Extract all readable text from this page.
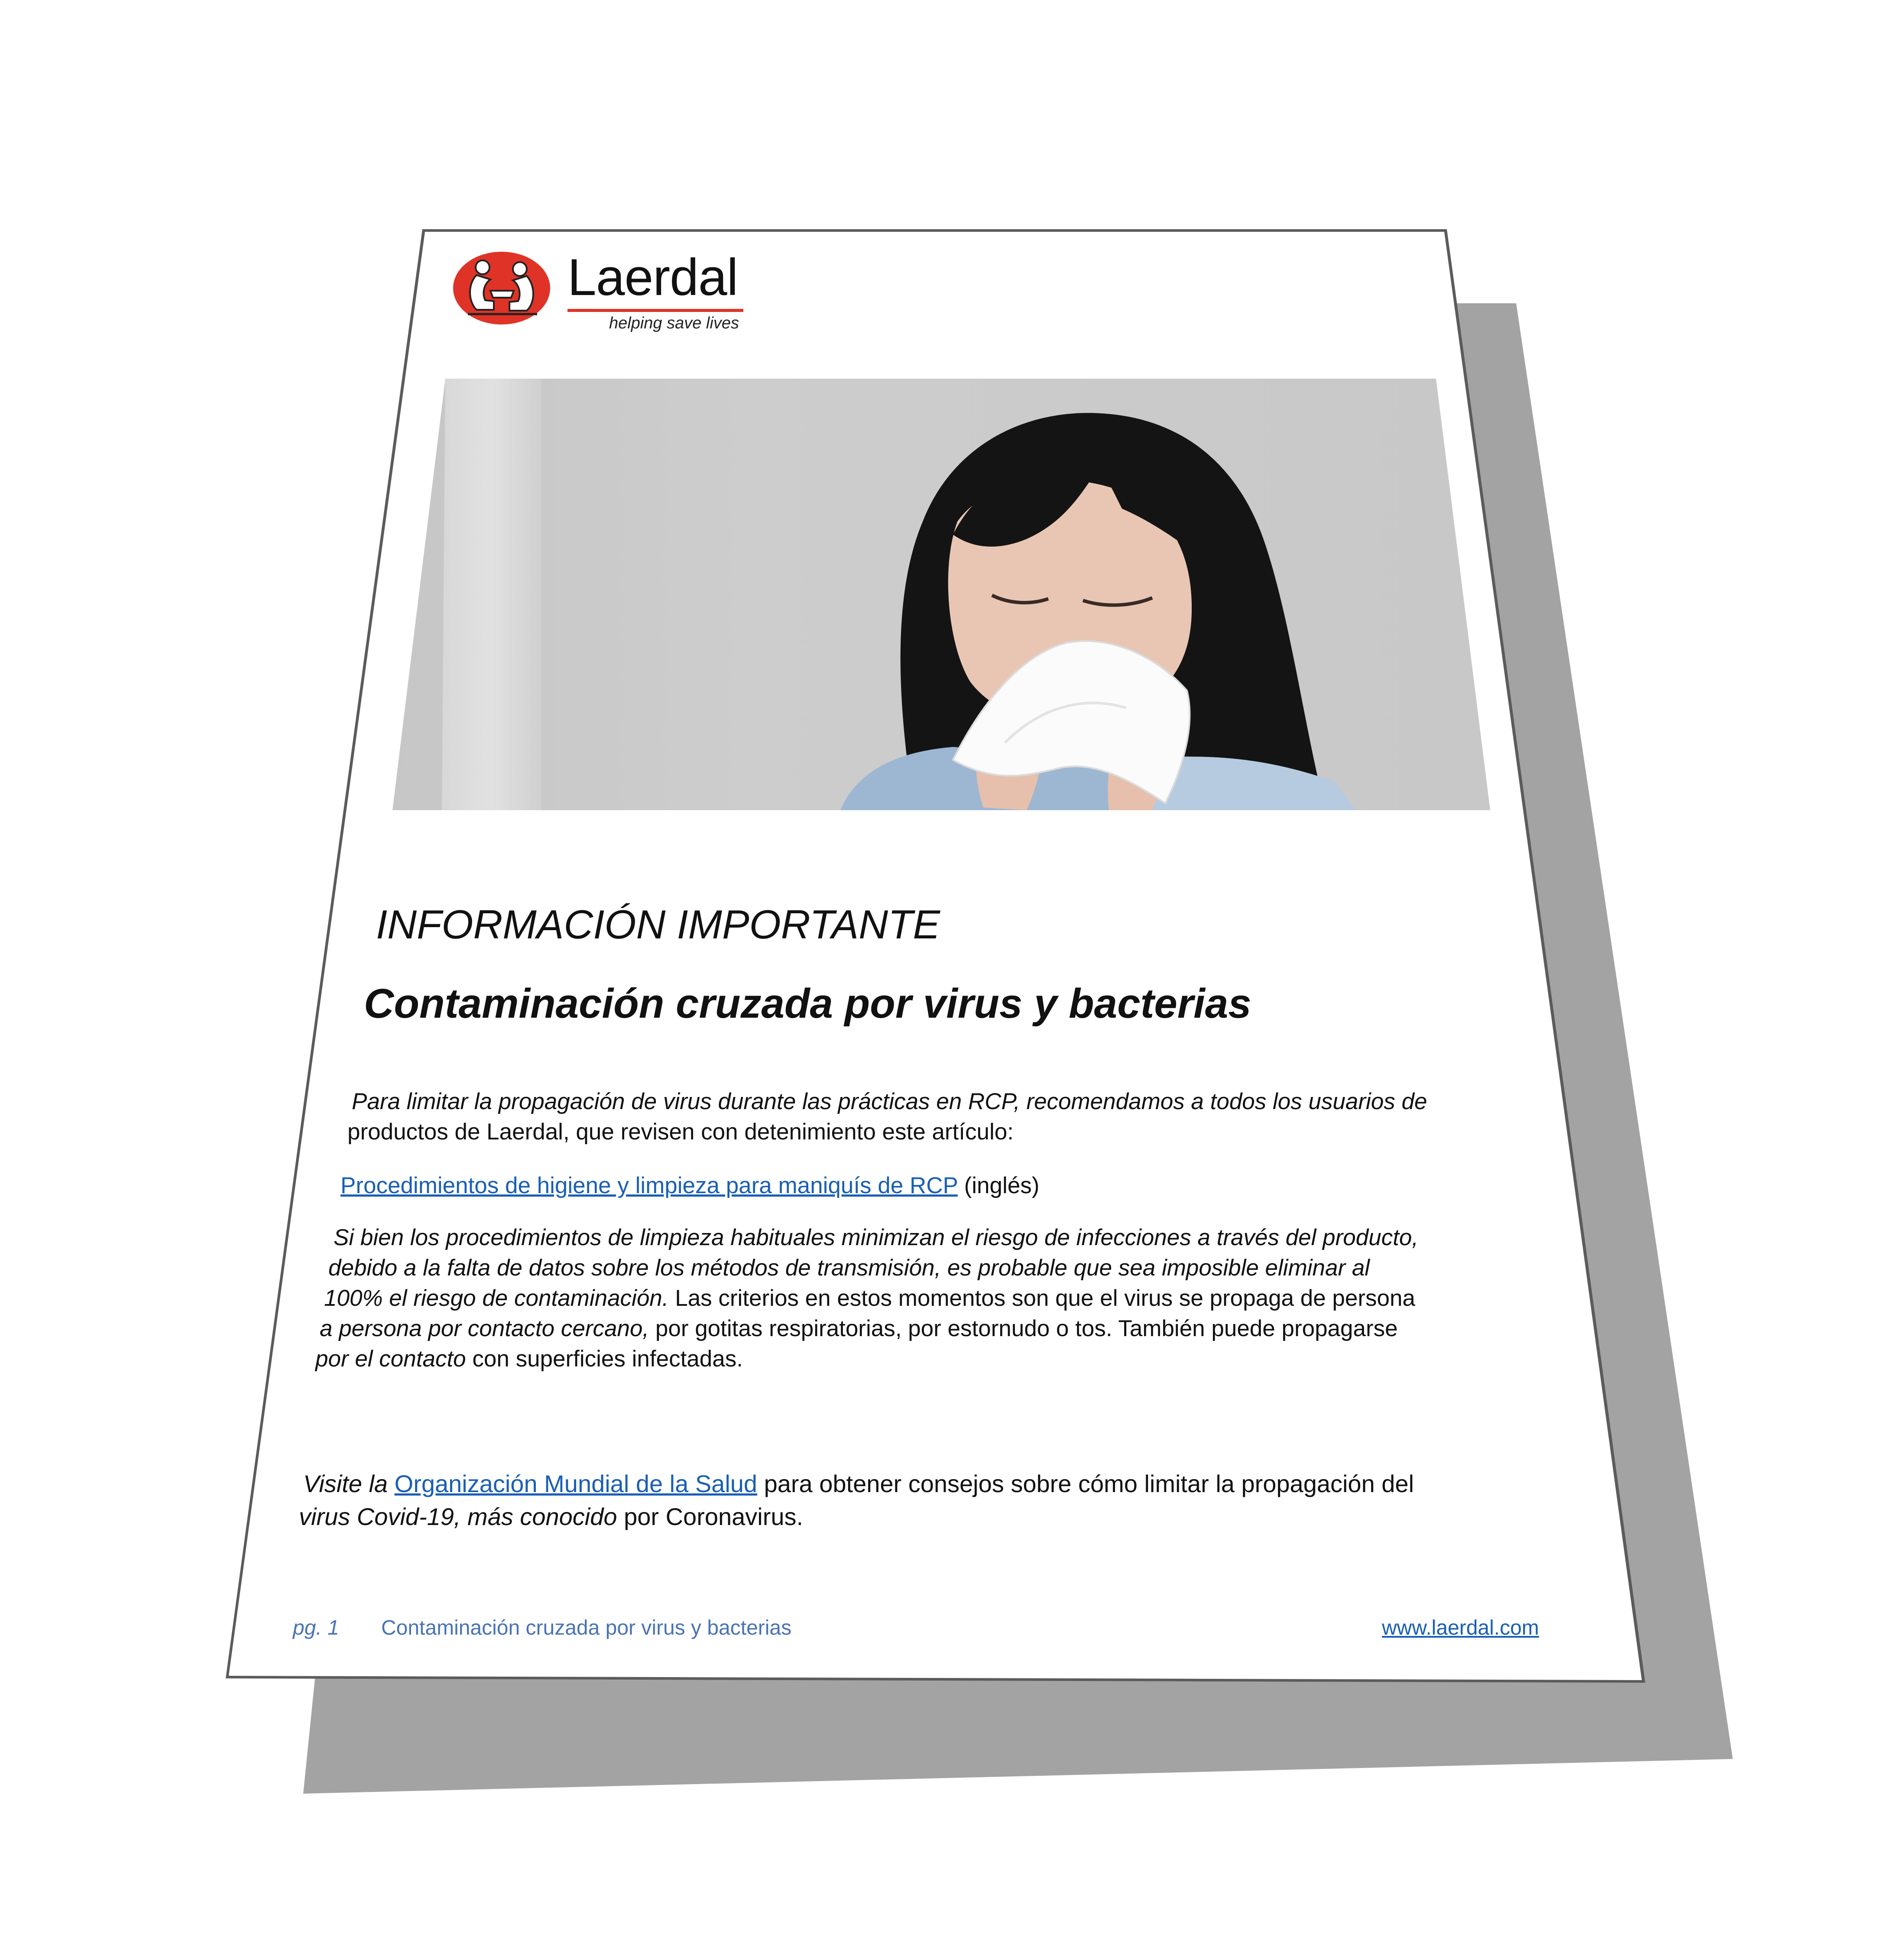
Laerdal
helping save lives
INFORMACIÓN IMPORTANTE
Contaminación cruzada por virus y bacterias
Para limitar la propagación de virus durante las prácticas en RCP, recomendamos a todos los usuarios de
productos de Laerdal, que revisen con detenimiento este artículo:
Procedimientos de higiene y limpieza para maniquís de RCP (inglés)
Si bien los procedimientos de limpieza habituales minimizan el riesgo de infecciones a través del producto,
debido a la falta de datos sobre los métodos de transmisión, es probable que sea imposible eliminar al
100% el riesgo de contaminación. Las criterios en estos momentos son que el virus se propaga de persona
a persona por contacto cercano, por gotitas respiratorias, por estornudo o tos. También puede propagarse
por el contacto con superficies infectadas.
Visite la Organización Mundial de la Salud para obtener consejos sobre cómo limitar la propagación del
virus Covid-19, más conocido por Coronavirus.
pg. 1 Contaminación cruzada por virus y bacterias	www.laerdal.com
